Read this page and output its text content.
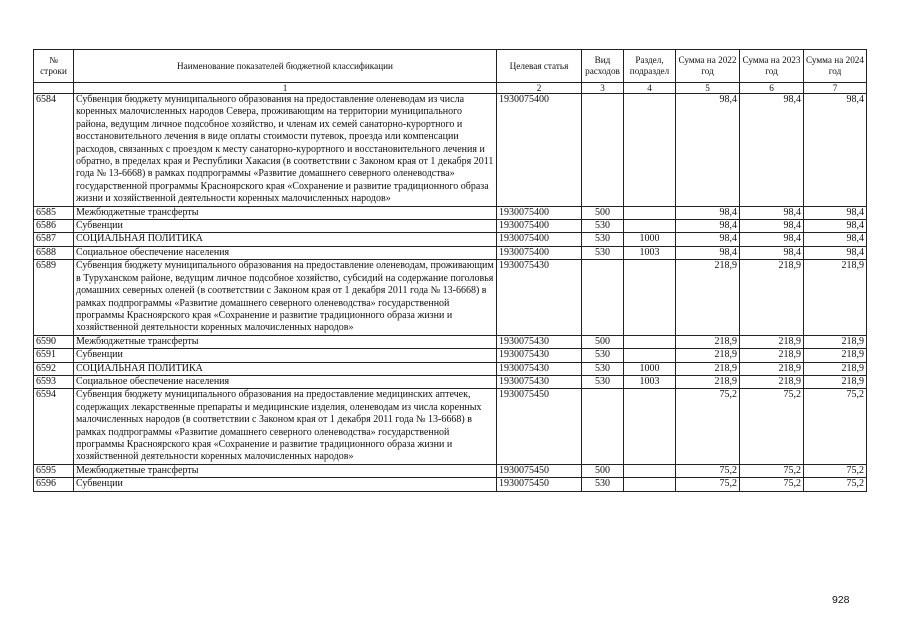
№ строки	Наименование показателей бюджетной классификации	Целевая статья	Вид расходов	Раздел, подраздел	Сумма на 2022 год	Сумма на 2023 год	Сумма на 2024 год
	1	2	3	4	5	6	7
6584	Субвенция бюджету муниципального образования на предоставление оленеводам из числа коренных малочисленных народов Севера, проживающим на территории муниципального района, ведущим личное подсобное хозяйство, и членам их семей санаторно-курортного и восстановительного лечения в виде оплаты стоимости путевок, проезда или компенсации расходов, связанных с проездом к месту санаторно-курортного и восстановительного лечения и обратно, в пределах края и Республики Хакасия (в соответствии с Законом края от 1 декабря 2011 года № 13-6668) в рамках подпрограммы «Развитие домашнего северного оленеводства» государственной программы Красноярского края «Сохранение и развитие традиционного образа жизни и хозяйственной деятельности коренных малочисленных народов»	1930075400			98,4	98,4	98,4
6585	Межбюджетные трансферты	1930075400	500		98,4	98,4	98,4
6586	Субвенции	1930075400	530		98,4	98,4	98,4
6587	СОЦИАЛЬНАЯ ПОЛИТИКА	1930075400	530	1000	98,4	98,4	98,4
6588	Социальное обеспечение населения	1930075400	530	1003	98,4	98,4	98,4
6589	Субвенция бюджету муниципального образования на предоставление оленеводам, проживающим в Туруханском районе, ведущим личное подсобное хозяйство, субсидий на содержание поголовья домашних северных оленей (в соответствии с Законом края от 1 декабря 2011 года № 13-6668) в рамках подпрограммы «Развитие домашнего северного оленеводства» государственной программы Красноярского края «Сохранение и развитие традиционного образа жизни и хозяйственной деятельности коренных малочисленных народов»	1930075430			218,9	218,9	218,9
6590	Межбюджетные трансферты	1930075430	500		218,9	218,9	218,9
6591	Субвенции	1930075430	530		218,9	218,9	218,9
6592	СОЦИАЛЬНАЯ ПОЛИТИКА	1930075430	530	1000	218,9	218,9	218,9
6593	Социальное обеспечение населения	1930075430	530	1003	218,9	218,9	218,9
6594	Субвенция бюджету муниципального образования на предоставление медицинских аптечек, содержащих лекарственные препараты и медицинские изделия, оленеводам из числа коренных малочисленных народов (в соответствии с Законом края от 1 декабря 2011 года № 13-6668) в рамках подпрограммы «Развитие домашнего северного оленеводства» государственной программы Красноярского края «Сохранение и развитие традиционного образа жизни и хозяйственной деятельности коренных малочисленных народов»	1930075450			75,2	75,2	75,2
6595	Межбюджетные трансферты	1930075450	500		75,2	75,2	75,2
6596	Субвенции	1930075450	530		75,2	75,2	75,2
928
